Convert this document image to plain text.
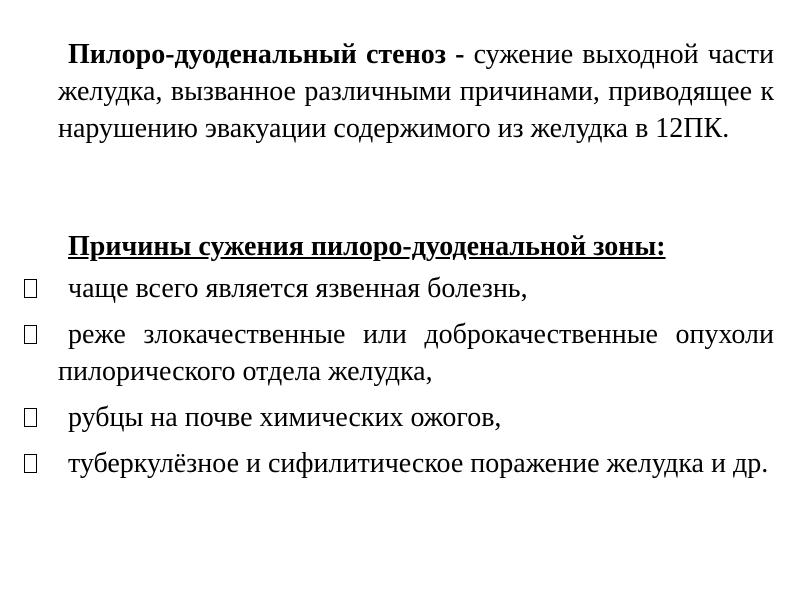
Пилоро-дуоденальный стеноз - сужение выходной части желудка, вызванное различными причинами, приводящее к нарушению эвакуации содержимого из желудка в 12ПК.

Причины сужения пилоро-дуоденальной зоны:
чаще всего является язвенная болезнь,
реже злокачественные или доброкачественные опухоли пилорического отдела желудка,
рубцы на почве химических ожогов,
туберкулёзное и сифилитическое поражение желудка и др.
